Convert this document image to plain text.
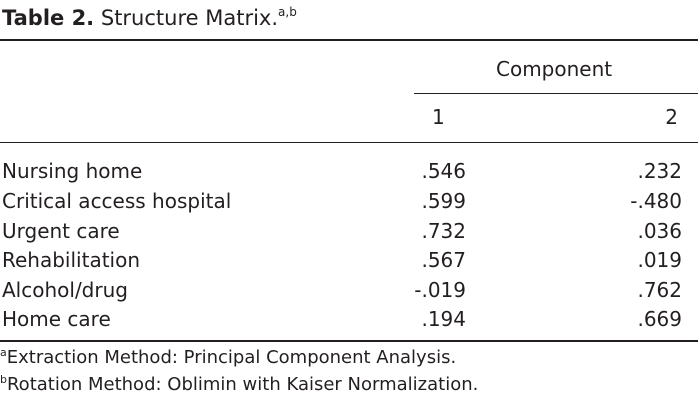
Table 2. Structure Matrix.$^{a,b}$
Component
1	2
Nursing home	.546	.232
Critical access hospital	.599	-.480
Urgent care	.732	.036
Rehabilitation	.567	.019
Alcohol/drug	-.019	.762
Home care	.194	.669
$^a$Extraction Method: Principal Component Analysis.
$^b$Rotation Method: Oblimin with Kaiser Normalization.
